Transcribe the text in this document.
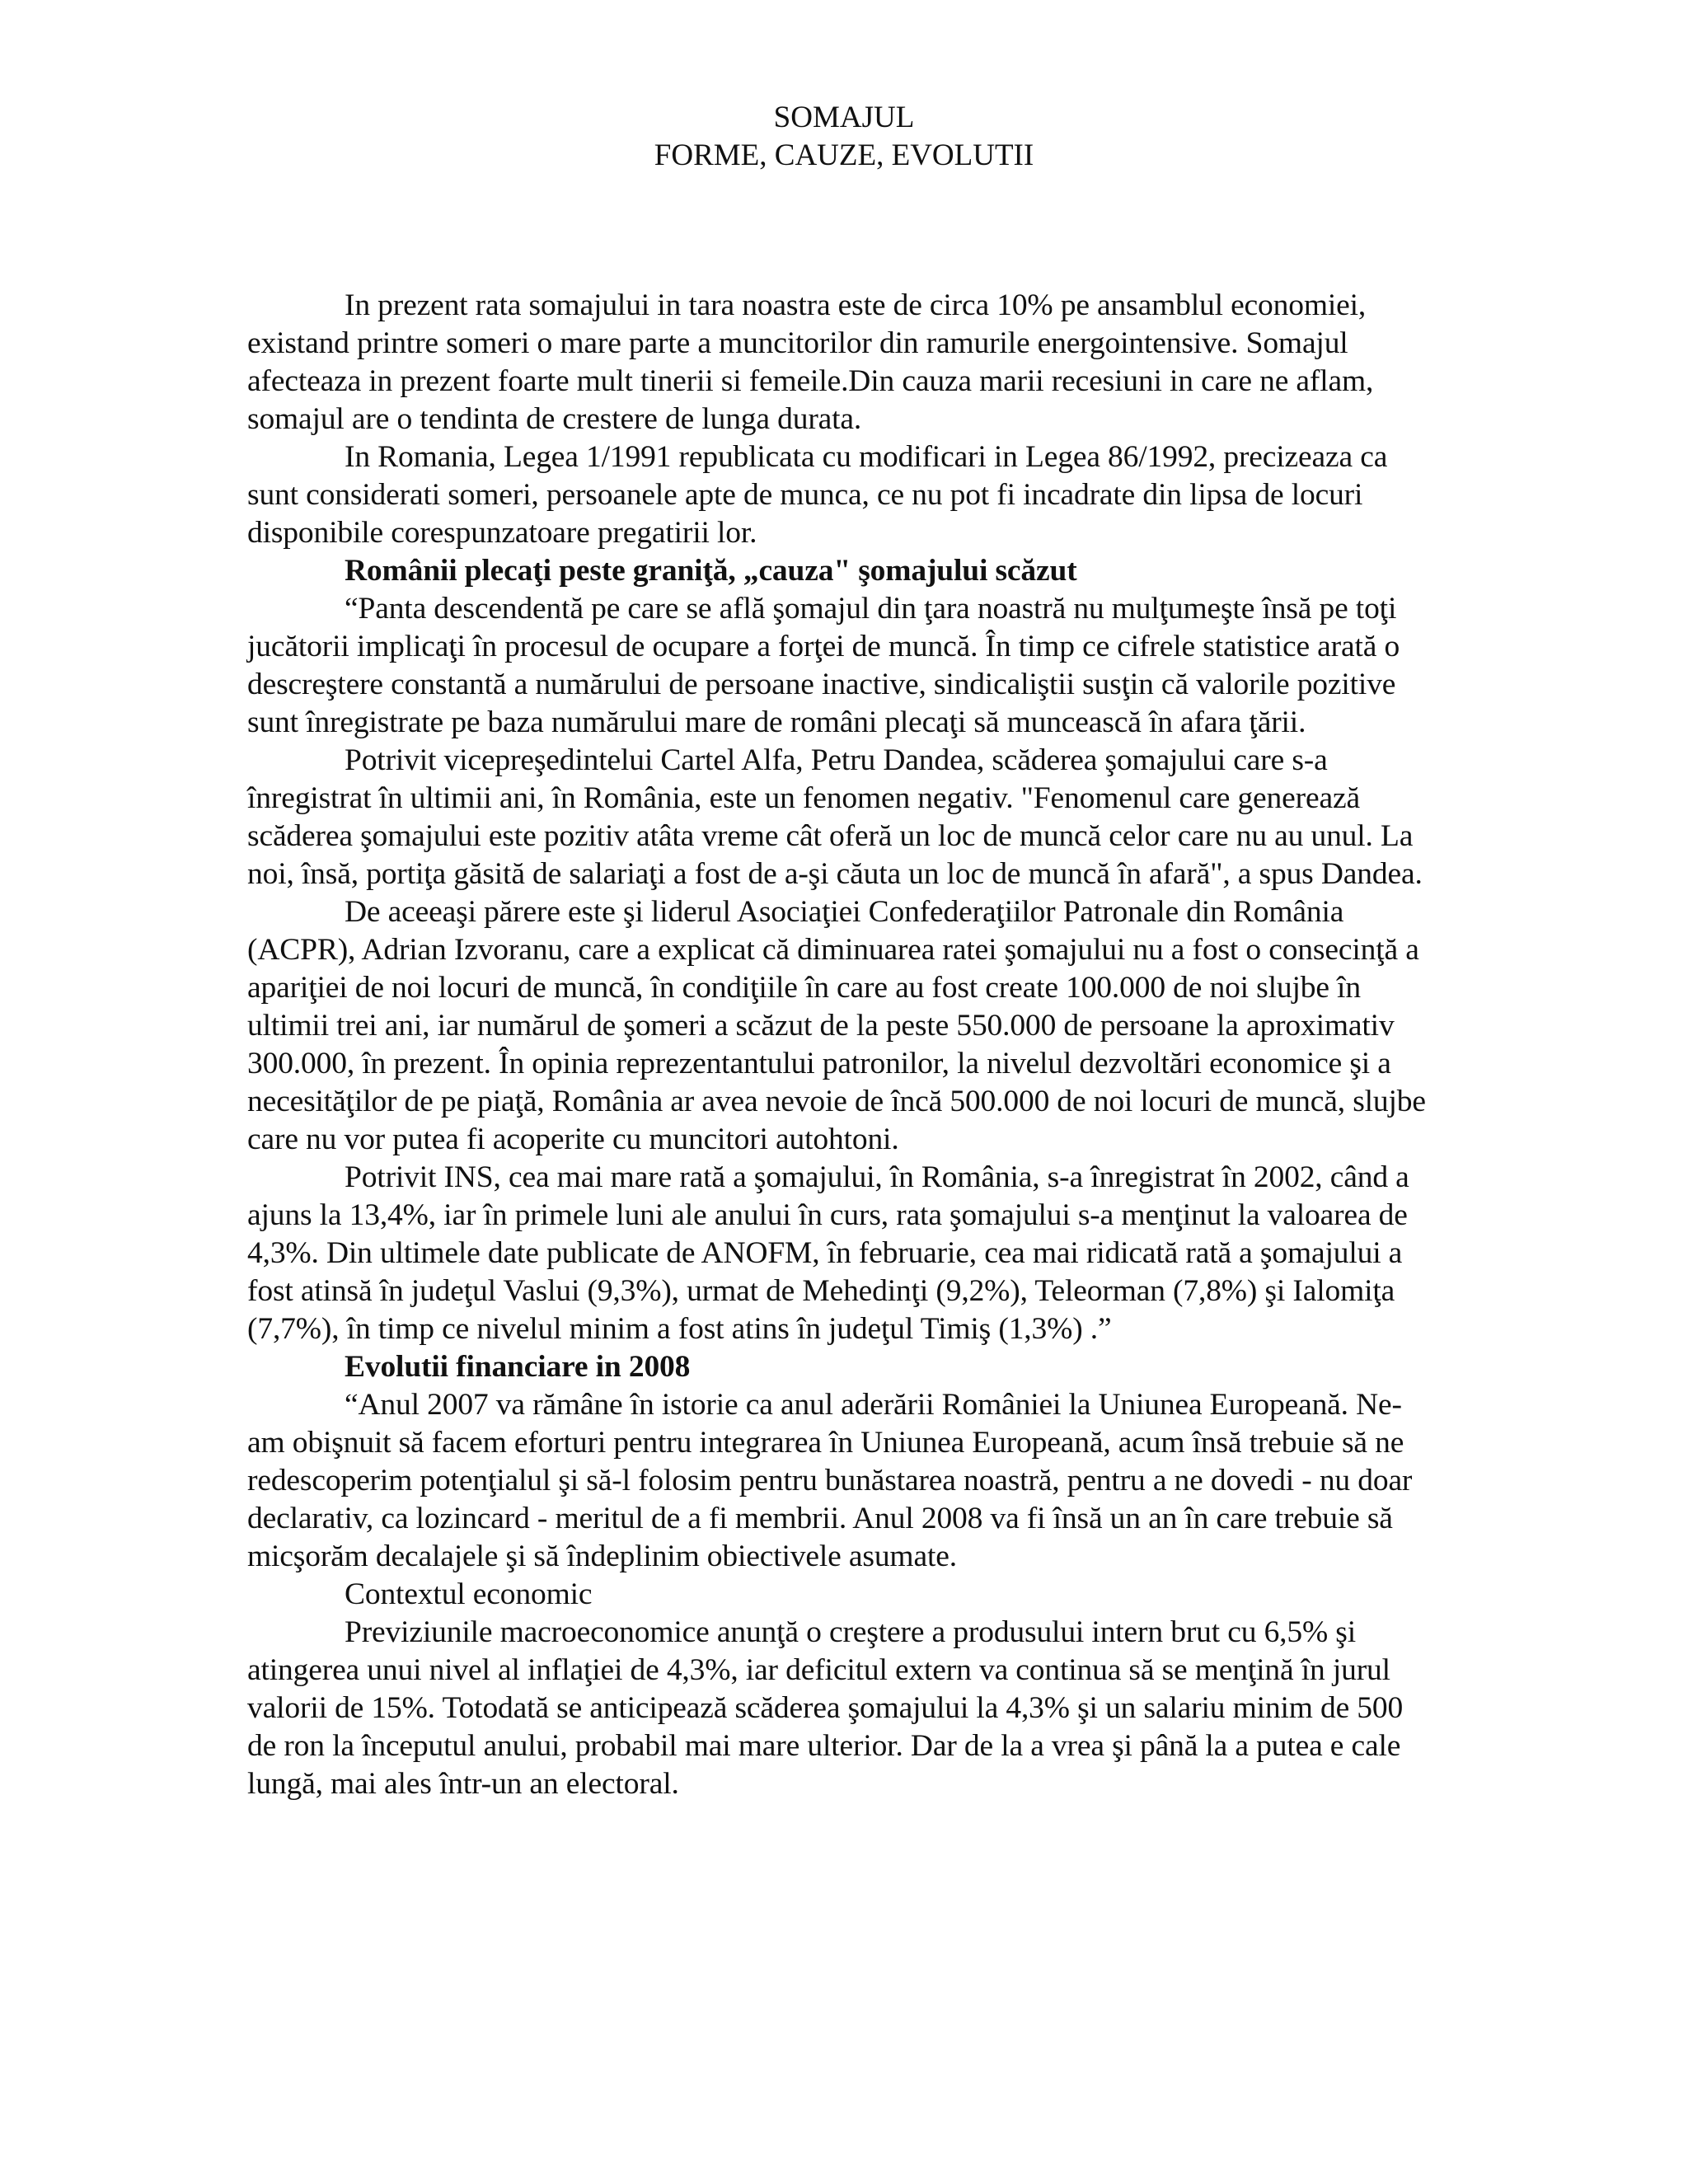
SOMAJUL
FORME, CAUZE, EVOLUTII

In prezent rata somajului in tara noastra este de circa 10% pe ansamblul economiei, existand printre someri o mare parte a muncitorilor din ramurile energointensive. Somajul afecteaza in prezent foarte mult tinerii si femeile.Din cauza marii recesiuni in care ne aflam, somajul are o tendinta de crestere de lunga durata.

In Romania, Legea 1/1991 republicata cu modificari in Legea 86/1992, precizeaza ca sunt considerati someri, persoanele apte de munca, ce nu pot fi incadrate din lipsa de locuri disponibile corespunzatoare pregatirii lor.

Românii plecaţi peste graniţă, „cauza" şomajului scăzut

“Panta descendentă pe care se află şomajul din ţara noastră nu mulţumeşte însă pe toţi jucătorii implicaţi în procesul de ocupare a forţei de muncă. În timp ce cifrele statistice arată o descreştere constantă a numărului de persoane inactive, sindicaliştii susţin că valorile pozitive sunt înregistrate pe baza numărului mare de români plecaţi să muncească în afara ţării.

Potrivit vicepreşedintelui Cartel Alfa, Petru Dandea, scăderea şomajului care s-a înregistrat în ultimii ani, în România, este un fenomen negativ. "Fenomenul care generează scăderea şomajului este pozitiv atâta vreme cât oferă un loc de muncă celor care nu au unul. La noi, însă, portiţa găsită de salariaţi a fost de a-şi căuta un loc de muncă în afară", a spus Dandea.

De aceeaşi părere este şi liderul Asociaţiei Confederaţiilor Patronale din România (ACPR), Adrian Izvoranu, care a explicat că diminuarea ratei şomajului nu a fost o consecinţă a apariţiei de noi locuri de muncă, în condiţiile în care au fost create 100.000 de noi slujbe în ultimii trei ani, iar numărul de şomeri a scăzut de la peste 550.000 de persoane la aproximativ 300.000, în prezent. În opinia reprezentantului patronilor, la nivelul dezvoltări economice şi a necesităţilor de pe piaţă, România ar avea nevoie de încă 500.000 de noi locuri de muncă, slujbe care nu vor putea fi acoperite cu muncitori autohtoni.

Potrivit INS, cea mai mare rată a şomajului, în România, s-a înregistrat în 2002, când a ajuns la 13,4%, iar în primele luni ale anului în curs, rata şomajului s-a menţinut la valoarea de 4,3%. Din ultimele date publicate de ANOFM, în februarie, cea mai ridicată rată a şomajului a fost atinsă în judeţul Vaslui (9,3%), urmat de Mehedinţi (9,2%), Teleorman (7,8%) şi Ialomiţa (7,7%), în timp ce nivelul minim a fost atins în judeţul Timiş (1,3%) .”

Evolutii financiare in 2008

“Anul 2007 va rămâne în istorie ca anul aderării României la Uniunea Europeană. Ne-am obişnuit să facem eforturi pentru integrarea în Uniunea Europeană, acum însă trebuie să ne redescoperim potenţialul şi să-l folosim pentru bunăstarea noastră, pentru a ne dovedi - nu doar declarativ, ca lozincard - meritul de a fi membrii. Anul 2008 va fi însă un an în care trebuie să micşorăm decalajele şi să îndeplinim obiectivele asumate.

Contextul economic

Previziunile macroeconomice anunţă o creştere a produsului intern brut cu 6,5% şi atingerea unui nivel al inflaţiei de 4,3%, iar deficitul extern va continua să se menţină în jurul valorii de 15%. Totodată se anticipează scăderea şomajului la 4,3% şi un salariu minim de 500 de ron la începutul anului, probabil mai mare ulterior. Dar de la a vrea şi până la a putea e cale lungă, mai ales într-un an electoral.
